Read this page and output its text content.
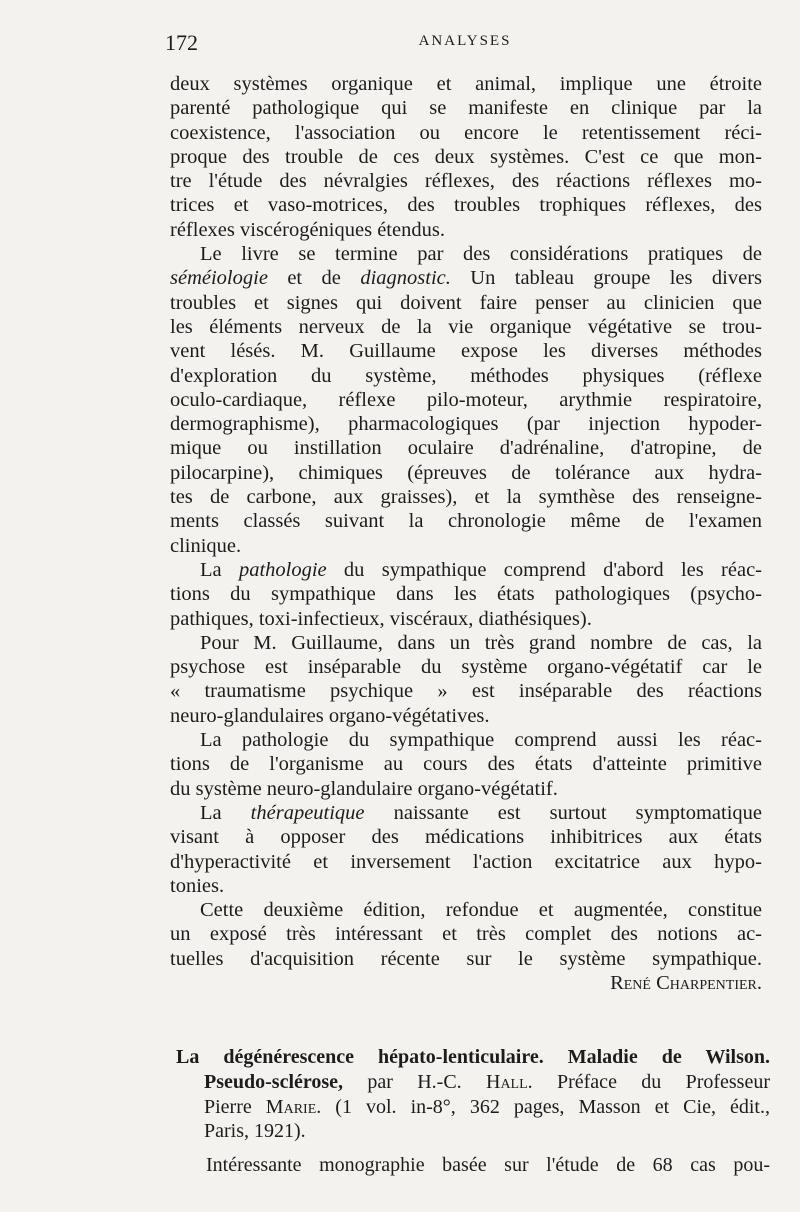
172	ANALYSES
deux systèmes organique et animal, implique une étroite
parenté pathologique qui se manifeste en clinique par la
coexistence, l'association ou encore le retentissement réci-
proque des trouble de ces deux systèmes. C'est ce que mon-
tre l'étude des névralgies réflexes, des réactions réflexes mo-
trices et vaso-motrices, des troubles trophiques réflexes, des
réflexes viscérogéniques étendus.
Le livre se termine par des considérations pratiques de
séméiologie et de diagnostic. Un tableau groupe les divers
troubles et signes qui doivent faire penser au clinicien que
les éléments nerveux de la vie organique végétative se trou-
vent lésés. M. Guillaume expose les diverses méthodes
d'exploration du système, méthodes physiques (réflexe
oculo-cardiaque, réflexe pilo-moteur, arythmie respiratoire,
dermographisme), pharmacologiques (par injection hypoder-
mique ou instillation oculaire d'adrénaline, d'atropine, de
pilocarpine), chimiques (épreuves de tolérance aux hydra-
tes de carbone, aux graisses), et la symthèse des renseigne-
ments classés suivant la chronologie même de l'examen
clinique.
La pathologie du sympathique comprend d'abord les réac-
tions du sympathique dans les états pathologiques (psycho-
pathiques, toxi-infectieux, viscéraux, diathésiques).
Pour M. Guillaume, dans un très grand nombre de cas, la
psychose est inséparable du système organo-végétatif car le
« traumatisme psychique » est inséparable des réactions
neuro-glandulaires organo-végétatives.
La pathologie du sympathique comprend aussi les réac-
tions de l'organisme au cours des états d'atteinte primitive
du système neuro-glandulaire organo-végétatif.
La thérapeutique naissante est surtout symptomatique
visant à opposer des médications inhibitrices aux états
d'hyperactivité et inversement l'action excitatrice aux hypo-
tonies.
Cette deuxième édition, refondue et augmentée, constitue
un exposé très intéressant et très complet des notions ac-
tuelles d'acquisition récente sur le système sympathique.
René Charpentier.
La dégénérescence hépato-lenticulaire. Maladie de Wilson.
Pseudo-sclérose, par H.-C. Hall. Préface du Professeur
Pierre Marie. (1 vol. in-8°, 362 pages, Masson et Cie, édit.,
Paris, 1921).
Intéressante monographie basée sur l'étude de 68 cas pou-
